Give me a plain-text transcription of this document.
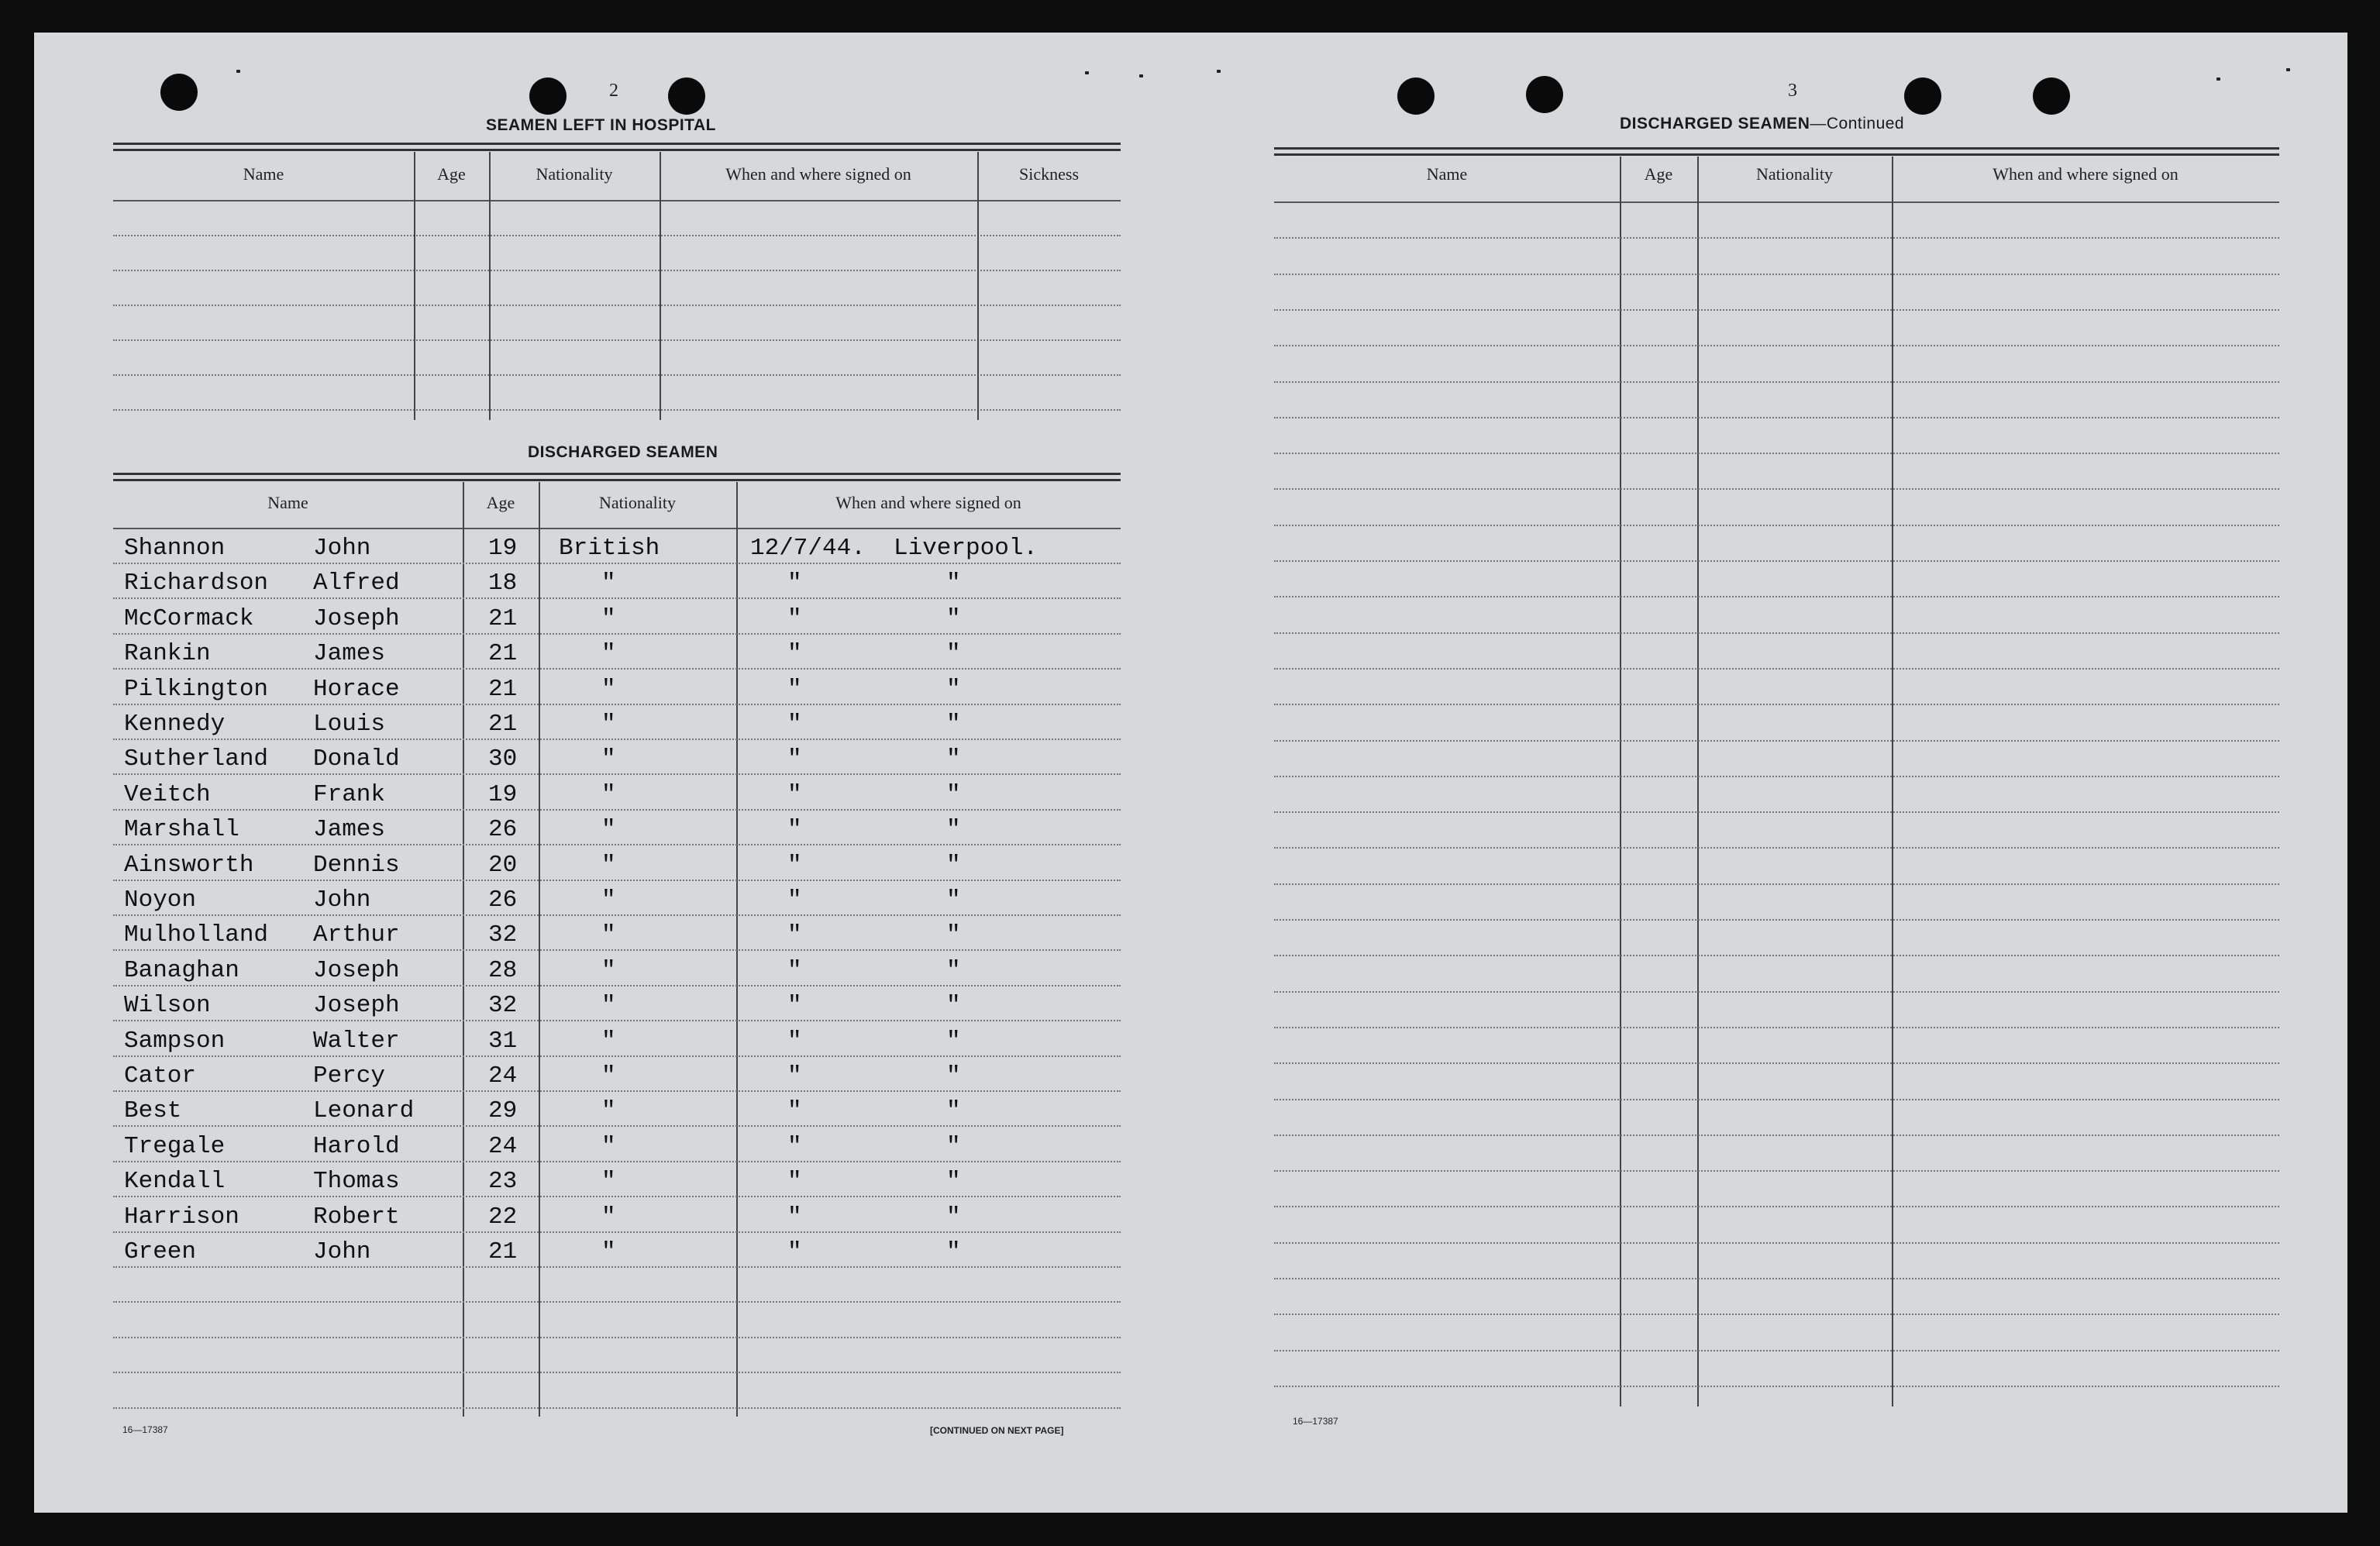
2
SEAMEN LEFT IN HOSPITAL
Name	Age	Nationality	When and where signed on	Sickness
DISCHARGED SEAMEN
Name	Age	Nationality	When and where signed on
Shannon	John	19 British	12/7/44. Liverpool.
Richardson Alfred	18	"	"	"
McCormack Joseph	21	"	"	"
Rankin	James	21	"	"	"
Pilkington Horace	21	"	"	"
Kennedy	Louis	21	"	"	"
Sutherland Donald	30	"	"	"
Veitch	Frank	19	"	"	"
Marshall	James	26	"	"	"
Ainsworth Dennis	20	"	"	"
Noyon	John	26	"	"	"
Mulholland Arthur	32	"	"	"
Banaghan	Joseph	28	"	"	"
Wilson	Joseph	32	"	"	"
Sampson	Walter	31	"	"	"
Cator	Percy	24	"	"	"
Best	Leonard	29	"	"	"
Tregale	Harold	24	"	"	"
Kendall	Thomas	23	"	"	"
Harrison	Robert	22	"	"	"
Green	John	21	"	"	"
16—17387	[CONTINUED ON NEXT PAGE]
3
DISCHARGED SEAMEN—Continued
Name	Age	Nationality	When and where signed on
16—17387
